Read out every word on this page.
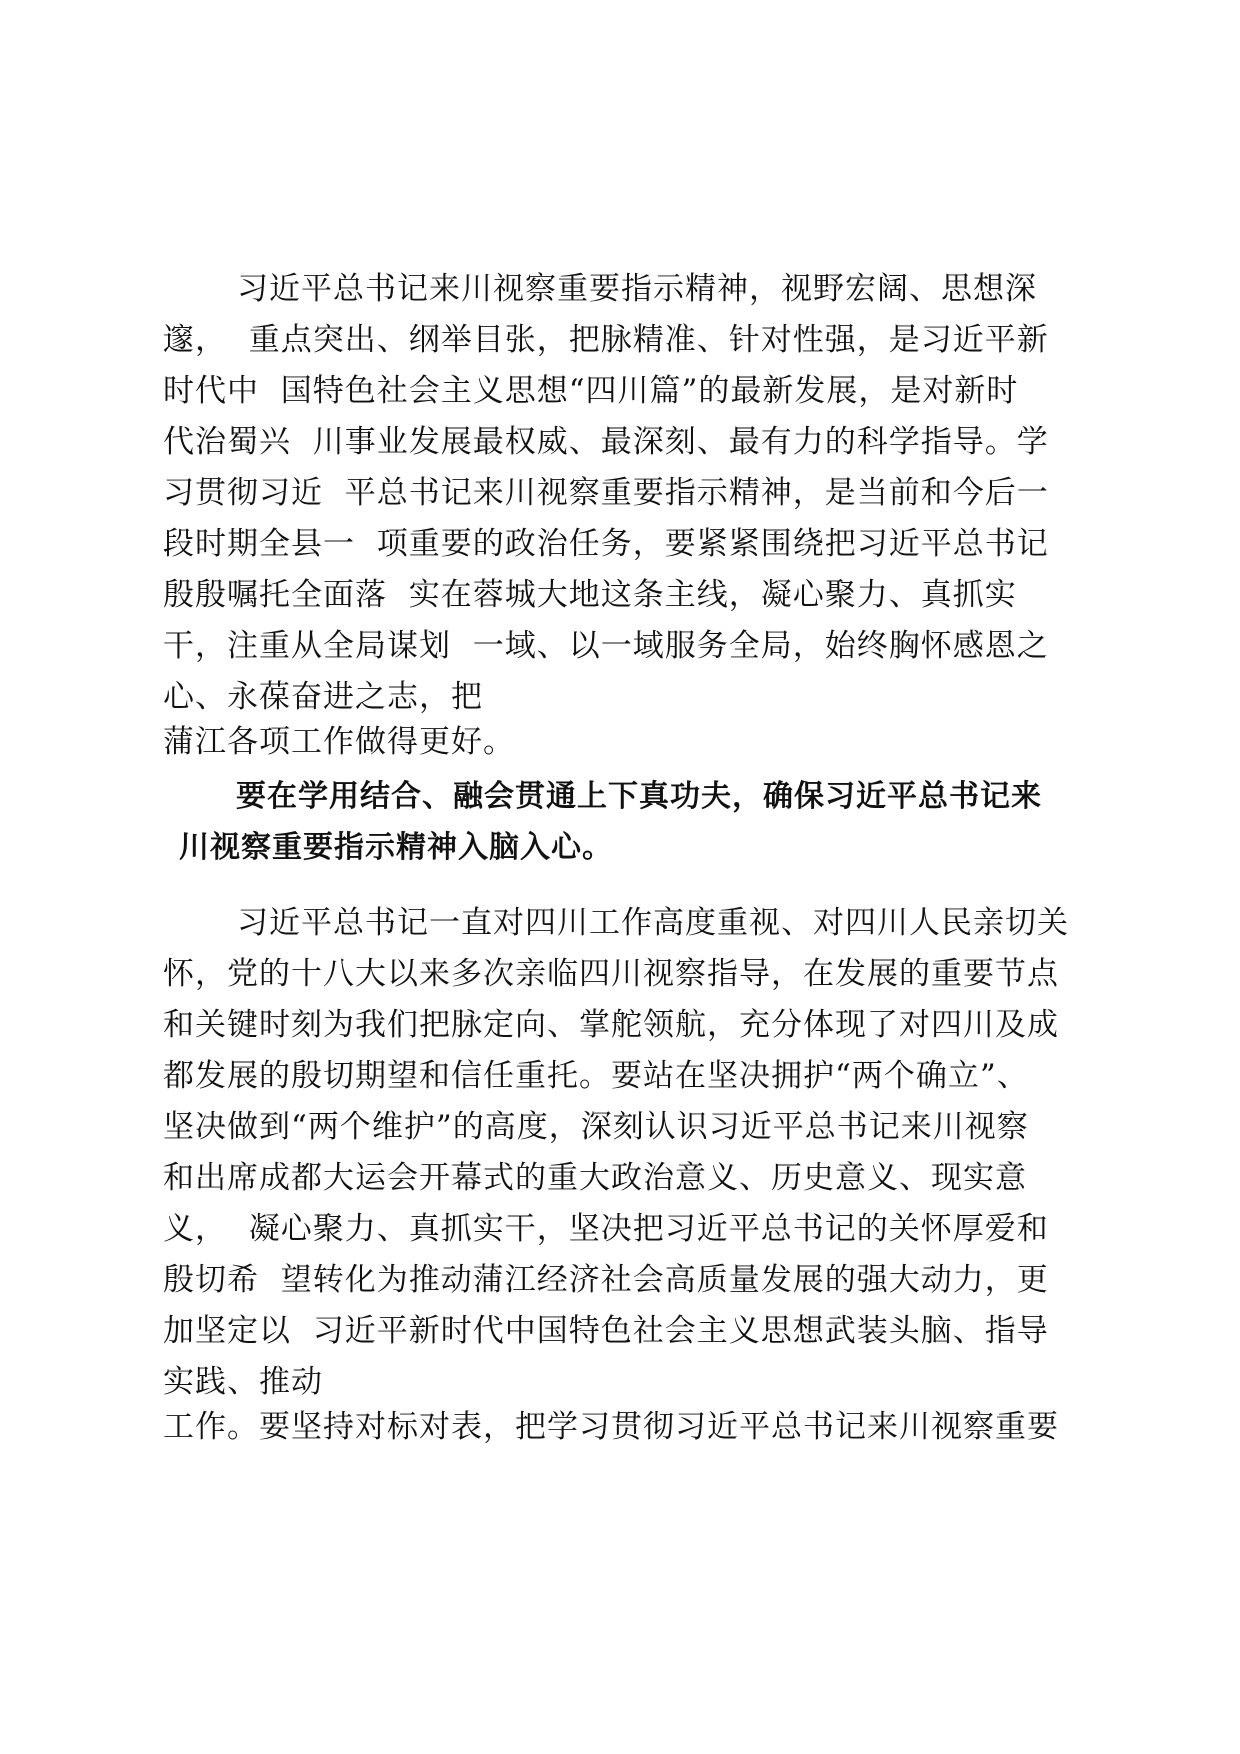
习近平总书记来川视察重要指示精神，视野宏阔、思想深
邃，  重点突出、纲举目张，把脉精准、针对性强，是习近平新
时代中  国特色社会主义思想“四川篇”的最新发展，是对新时
代治蜀兴  川事业发展最权威、最深刻、最有力的科学指导。学
习贯彻习近  平总书记来川视察重要指示精神，是当前和今后一
段时期全县一  项重要的政治任务，要紧紧围绕把习近平总书记
殷殷嘱托全面落  实在蓉城大地这条主线，凝心聚力、真抓实
干，注重从全局谋划  一域、以一域服务全局，始终胸怀感恩之
心、永葆奋进之志，把
蒲江各项工作做得更好。
要在学用结合、融会贯通上下真功夫，确保习近平总书记来
川视察重要指示精神入脑入心。
习近平总书记一直对四川工作高度重视、对四川人民亲切关
怀，党的十八大以来多次亲临四川视察指导，在发展的重要节点
和关键时刻为我们把脉定向、掌舵领航，充分体现了对四川及成
都发展的殷切期望和信任重托。要站在坚决拥护“两个确立”、
坚决做到“两个维护”的高度，深刻认识习近平总书记来川视察
和出席成都大运会开幕式的重大政治意义、历史意义、现实意
义，  凝心聚力、真抓实干，坚决把习近平总书记的关怀厚爱和
殷切希  望转化为推动蒲江经济社会高质量发展的强大动力，更
加坚定以  习近平新时代中国特色社会主义思想武装头脑、指导
实践、推动
工作。要坚持对标对表，把学习贯彻习近平总书记来川视察重要
